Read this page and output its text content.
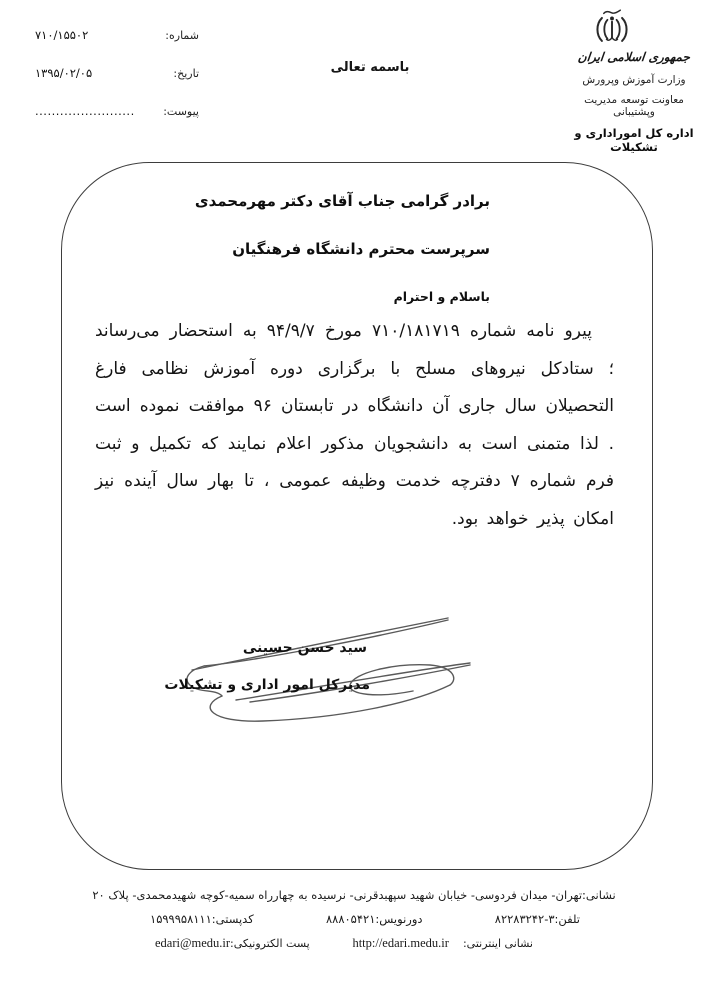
شماره:
۷۱۰/۱۵۵۰۲
تاریخ:
۱۳۹۵/۰۲/۰۵
پیوست:
........................
باسمه تعالی
جمهوری اسلامی ایران
وزارت آموزش وپرورش
معاونت توسعه مدیریت وپشتیبانی
اداره کل اموراداری و تشکیلات
برادر گرامی جناب آقای دکتر مهرمحمدی
سرپرست محترم دانشگاه فرهنگیان
باسلام و احترام
پیرو نامه شماره ۷۱۰/۱۸۱۷۱۹ مورخ ۹۴/۹/۷ به استحضار می‌رساند ؛ ستادکل نیروهای مسلح با برگزاری دوره آموزش نظامی فارغ التحصیلان سال جاری آن دانشگاه در تابستان ۹۶ موافقت نموده است . لذا متمنی است به دانشجویان مذکور اعلام نمایند که تکمیل و ثبت فرم شماره ۷ دفترچه خدمت وظیفه عمومی ، تا بهار سال آینده نیز امکان پذیر خواهد بود.
سید حسن حسینی
مدیرکل امور اداری و تشکیلات
نشانی:تهران- میدان فردوسی- خیابان شهید سپهبدقرنی- نرسیده به چهارراه سمیه-کوچه شهیدمحمدی- پلاک ۲۰
تلفن:۳-۸۲۲۸۳۲۴۲
دورنویس:۸۸۸۰۵۴۲۱
کدپستی:۱۵۹۹۹۵۸۱۱۱
نشانی اینترنتی:
http://edari.medu.ir
پست الکترونیکی:
edari@medu.ir
